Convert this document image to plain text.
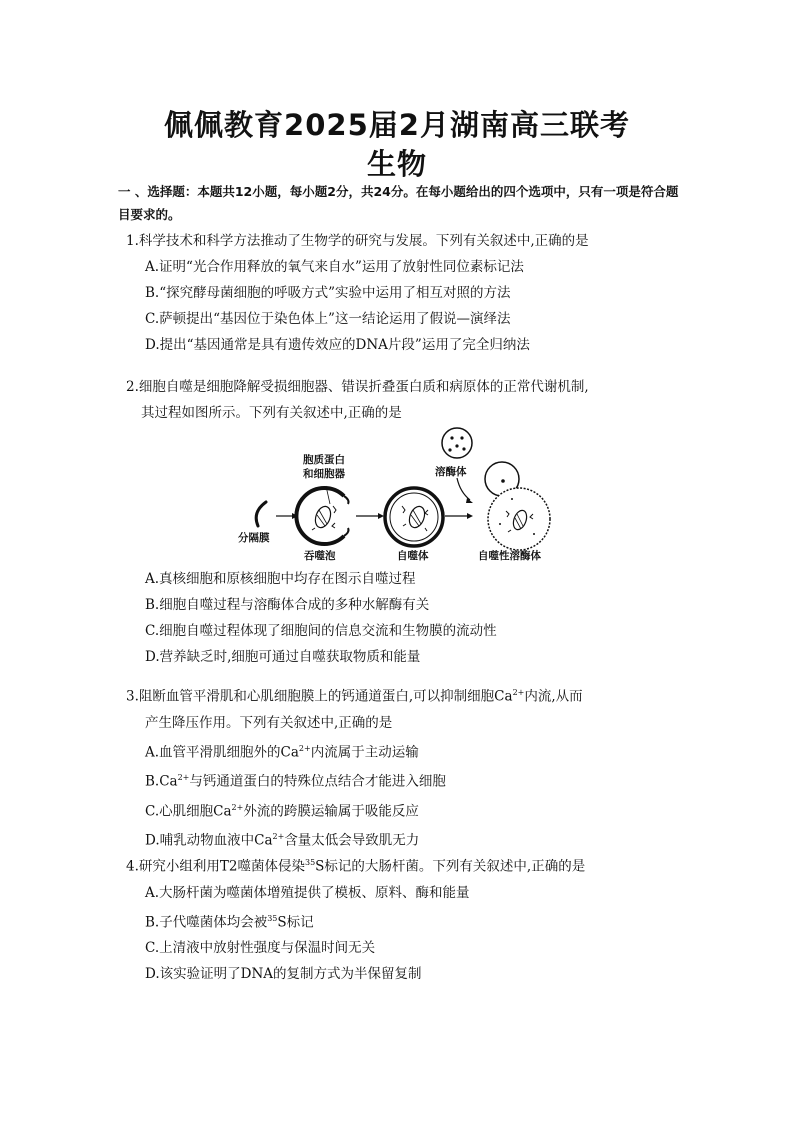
佩佩教育2025届2月湖南高三联考
生物
一 、选择题：本题共12小题，每小题2分，共24分。在每小题给出的四个选项中，只有一项是符合题目要求的。
1.科学技术和科学方法推动了生物学的研究与发展。下列有关叙述中,正确的是
A.证明“光合作用释放的氧气来自水”运用了放射性同位素标记法
B.“探究酵母菌细胞的呼吸方式”实验中运用了相互对照的方法
C.萨顿提出“基因位于染色体上”这一结论运用了假说—演绎法
D.提出“基因通常是具有遗传效应的DNA片段”运用了完全归纳法
2.细胞自噬是细胞降解受损细胞器、错误折叠蛋白质和病原体的正常代谢机制,
其过程如图所示。下列有关叙述中,正确的是
分隔膜
胞质蛋白
和细胞器
吞噬泡	自噬体
溶酶体
自噬性溶酶体
A.真核细胞和原核细胞中均存在图示自噬过程
B.细胞自噬过程与溶酶体合成的多种水解酶有关
C.细胞自噬过程体现了细胞间的信息交流和生物膜的流动性
D.营养缺乏时,细胞可通过自噬获取物质和能量
3.阻断血管平滑肌和心肌细胞膜上的钙通道蛋白,可以抑制细胞$Ca^{2+}$内流,从而
产生降压作用。下列有关叙述中,正确的是
A.血管平滑肌细胞外的$Ca^{2+}$内流属于主动运输
$B.Ca^{2+}$与钙通道蛋白的特殊位点结合才能进入细胞
C.心肌细胞$Ca^{2+}$外流的跨膜运输属于吸能反应
D.哺乳动物血液中$Ca^{2+}$含量太低会导致肌无力
4.研究小组利用T2噬菌体侵染$^{35}$S标记的大肠杆菌。下列有关叙述中,正确的是
A.大肠杆菌为噬菌体增殖提供了模板、原料、酶和能量
B.子代噬菌体均会被$^{35}$S标记
C.上清液中放射性强度与保温时间无关
D.该实验证明了DNA的复制方式为半保留复制
